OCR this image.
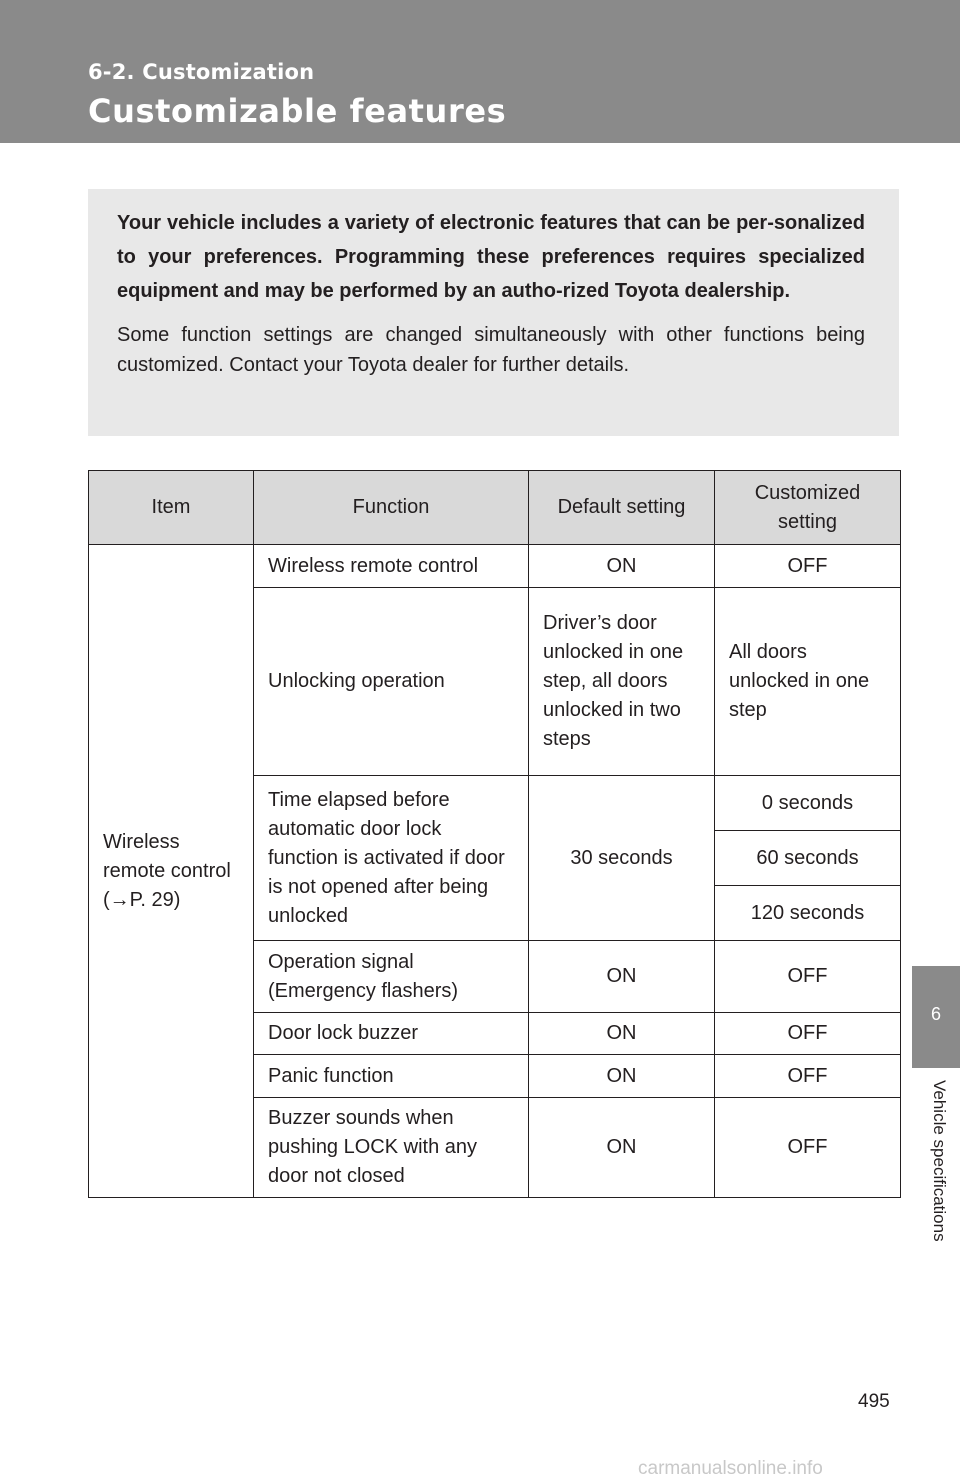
6-2. Customization
Customizable features

Your vehicle includes a variety of electronic features that can be per-sonalized to your preferences. Programming these preferences requires specialized equipment and may be performed by an autho-rized Toyota dealership.

Some function settings are changed simultaneously with other functions being customized. Contact your Toyota dealer for further details.

Item	Function	Default setting	Customized setting
Wireless remote control (→P. 29)	Wireless remote control	ON	OFF
	Unlocking operation	Driver’s door unlocked in one step, all doors unlocked in two steps	All doors unlocked in one step
	Time elapsed before automatic door lock function is activated if door is not opened after being unlocked	30 seconds	0 seconds
			60 seconds
			120 seconds
	Operation signal (Emergency flashers)	ON	OFF
	Door lock buzzer	ON	OFF
	Panic function	ON	OFF
	Buzzer sounds when pushing LOCK with any door not closed	ON	OFF
6
Vehicle specifications
495
carmanualsonline.info
